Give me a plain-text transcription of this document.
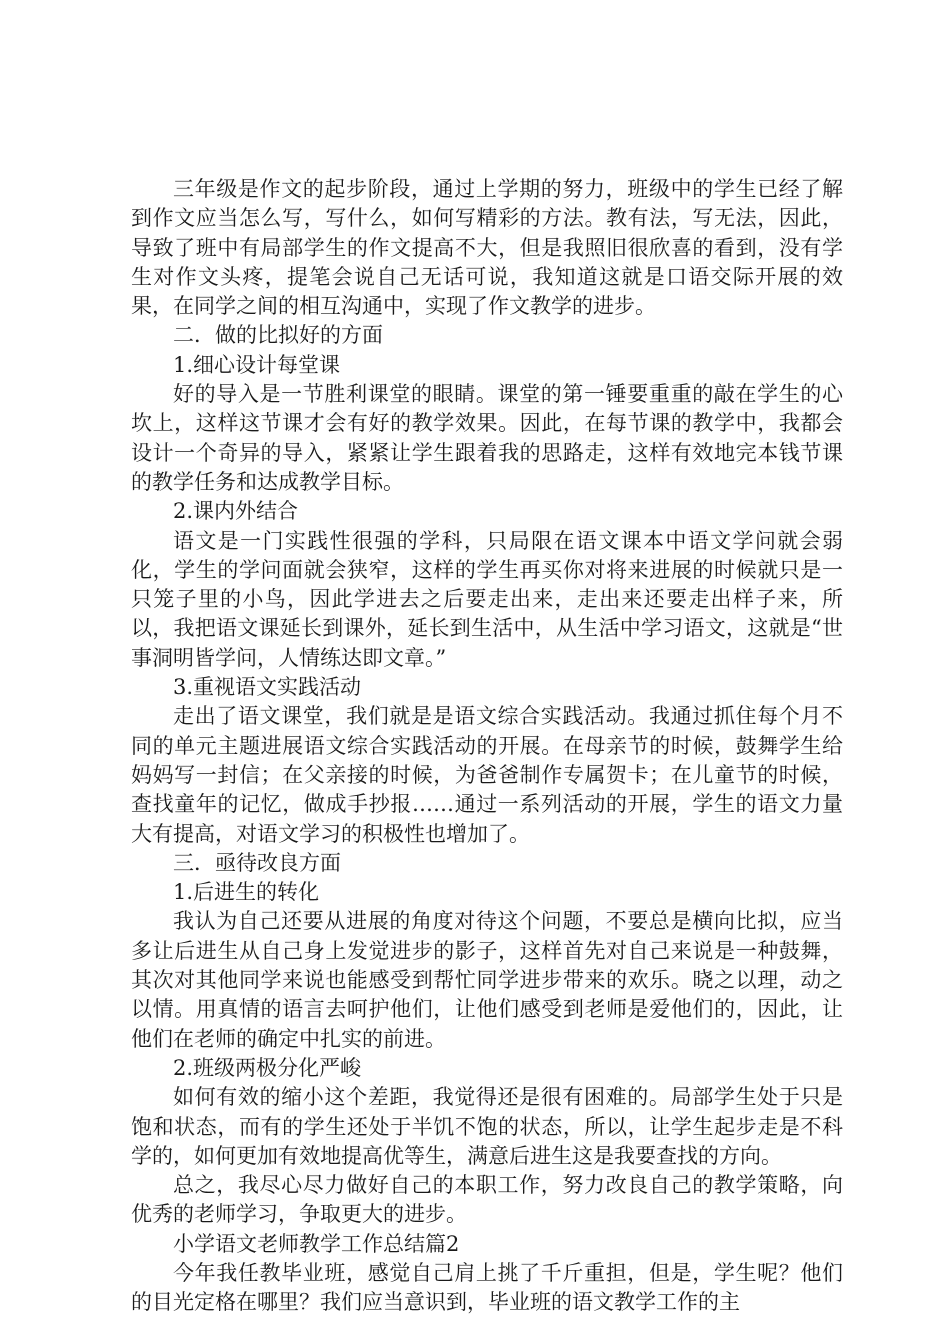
三年级是作文的起步阶段，通过上学期的努力，班级中的学生已经了解到作文应当怎么写，写什么，如何写精彩的方法。教有法，写无法，因此，导致了班中有局部学生的作文提高不大，但是我照旧很欣喜的看到，没有学生对作文头疼，提笔会说自己无话可说，我知道这就是口语交际开展的效果，在同学之间的相互沟通中，实现了作文教学的进步。

二．做的比拟好的方面

1.细心设计每堂课

好的导入是一节胜利课堂的眼睛。课堂的第一锤要重重的敲在学生的心坎上，这样这节课才会有好的教学效果。因此，在每节课的教学中，我都会设计一个奇异的导入，紧紧让学生跟着我的思路走，这样有效地完本钱节课的教学任务和达成教学目标。

2.课内外结合

语文是一门实践性很强的学科，只局限在语文课本中语文学问就会弱化，学生的学问面就会狭窄，这样的学生再买你对将来进展的时候就只是一只笼子里的小鸟，因此学进去之后要走出来，走出来还要走出样子来，所以，我把语文课延长到课外，延长到生活中，从生活中学习语文，这就是“世事洞明皆学问，人情练达即文章。”

3.重视语文实践活动

走出了语文课堂，我们就是是语文综合实践活动。我通过抓住每个月不同的单元主题进展语文综合实践活动的开展。在母亲节的时候，鼓舞学生给妈妈写一封信；在父亲接的时候，为爸爸制作专属贺卡；在儿童节的时候，查找童年的记忆，做成手抄报……通过一系列活动的开展，学生的语文力量大有提高，对语文学习的积极性也增加了。

三．亟待改良方面

1.后进生的转化

我认为自己还要从进展的角度对待这个问题，不要总是横向比拟，应当多让后进生从自己身上发觉进步的影子，这样首先对自己来说是一种鼓舞，其次对其他同学来说也能感受到帮忙同学进步带来的欢乐。晓之以理，动之以情。用真情的语言去呵护他们，让他们感受到老师是爱他们的，因此，让他们在老师的确定中扎实的前进。

2.班级两极分化严峻

如何有效的缩小这个差距，我觉得还是很有困难的。局部学生处于只是饱和状态，而有的学生还处于半饥不饱的状态，所以，让学生起步走是不科学的，如何更加有效地提高优等生，满意后进生这是我要查找的方向。

总之，我尽心尽力做好自己的本职工作，努力改良自己的教学策略，向优秀的老师学习，争取更大的进步。

小学语文老师教学工作总结篇2

今年我任教毕业班，感觉自己肩上挑了千斤重担，但是，学生呢？他们的目光定格在哪里？我们应当意识到，毕业班的语文教学工作的主
